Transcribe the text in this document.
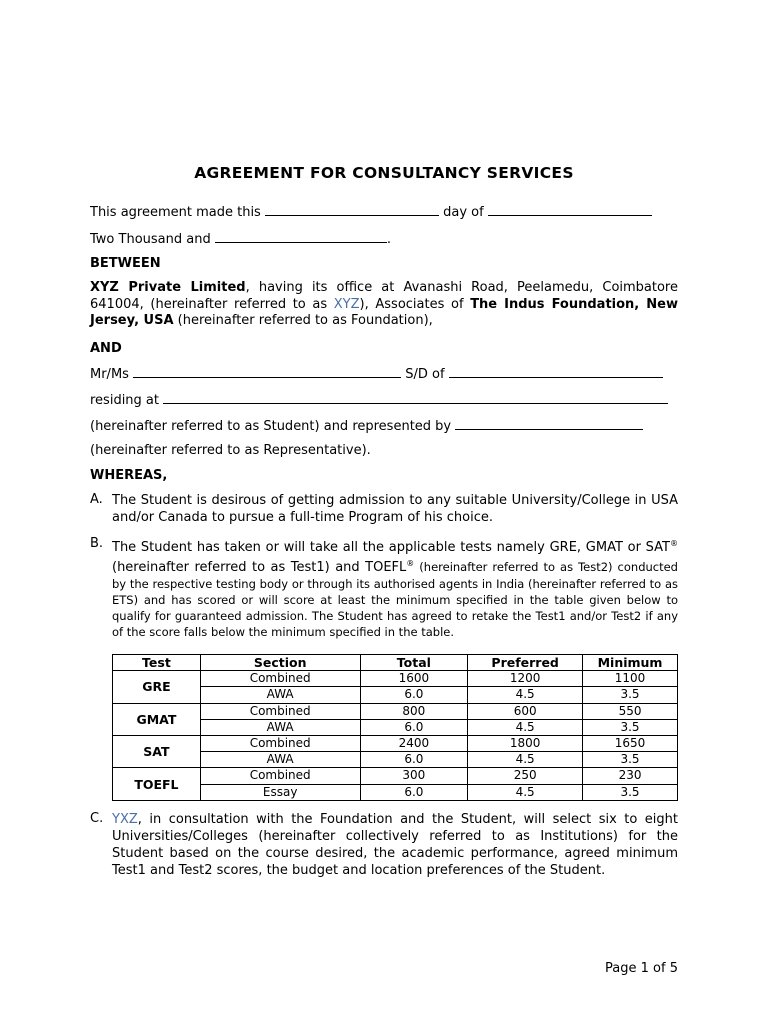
AGREEMENT FOR CONSULTANCY SERVICES
This agreement made this	day of
Two Thousand and	.
BETWEEN
XYZ Private Limited, having its office at Avanashi Road, Peelamedu, Coimbatore 641004, (hereinafter referred to as XYZ), Associates of The Indus Foundation, New Jersey, USA (hereinafter referred to as Foundation),
AND
Mr/Ms	S/D of
residing at
(hereinafter referred to as Student) and represented by
(hereinafter referred to as Representative).
WHEREAS,
A. The Student is desirous of getting admission to any suitable University/College in USA and/or Canada to pursue a full-time Program of his choice.
B. The Student has taken or will take all the applicable tests namely GRE, GMAT or SAT® (hereinafter referred to as Test1) and TOEFL® (hereinafter referred to as Test2) conducted by the respective testing body or through its authorised agents in India (hereinafter referred to as ETS) and has scored or will score at least the minimum specified in the table given below to qualify for guaranteed admission. The Student has agreed to retake the Test1 and/or Test2 if any of the score falls below the minimum specified in the table.
Test	Section	Total	Preferred	Minimum
GRE	Combined	1600	1200	1100
	AWA	6.0	4.5	3.5
GMAT	Combined	800	600	550
	AWA	6.0	4.5	3.5
SAT	Combined	2400	1800	1650
	AWA	6.0	4.5	3.5
TOEFL	Combined	300	250	230
	Essay	6.0	4.5	3.5
C. YXZ, in consultation with the Foundation and the Student, will select six to eight Universities/Colleges (hereinafter collectively referred to as Institutions) for the Student based on the course desired, the academic performance, agreed minimum Test1 and Test2 scores, the budget and location preferences of the Student.
Page 1 of 5
